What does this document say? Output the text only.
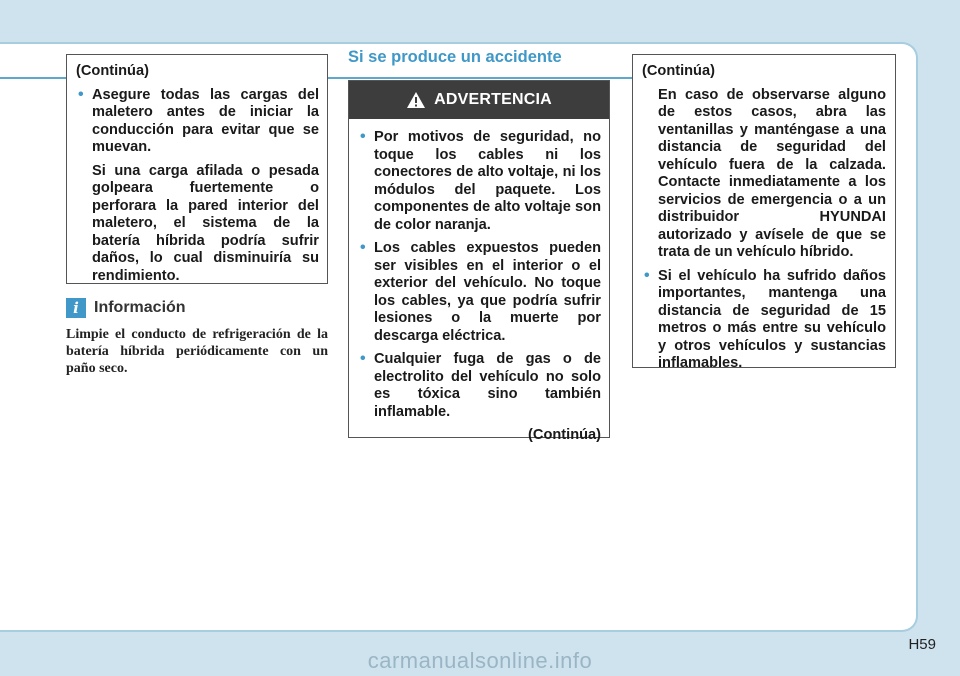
(Continúa)
• Asegure todas las cargas del maletero antes de iniciar la conducción para evitar que se muevan.
Si una carga afilada o pesada golpeara fuertemente o perforara la pared interior del maletero, el sistema de la batería híbrida podría sufrir daños, lo cual disminuiría su rendimiento.
i Información
Limpie el conducto de refrigeración de la batería híbrida periódicamente con un paño seco.
Si se produce un accidente
ADVERTENCIA
• Por motivos de seguridad, no toque los cables ni los conectores de alto voltaje, ni los módulos del paquete. Los componentes de alto voltaje son de color naranja.
• Los cables expuestos pueden ser visibles en el interior o el exterior del vehículo. No toque los cables, ya que podría sufrir lesiones o la muerte por descarga eléctrica.
• Cualquier fuga de gas o de electrolito del vehículo no solo es tóxica sino también inflamable.
(Continúa)
(Continúa)
En caso de observarse alguno de estos casos, abra las ventanillas y manténgase a una distancia de seguridad del vehículo fuera de la calzada. Contacte inmediatamente a los servicios de emergencia o a un distribuidor HYUNDAI autorizado y avísele de que se trata de un vehículo híbrido.
• Si el vehículo ha sufrido daños importantes, mantenga una distancia de seguridad de 15 metros o más entre su vehículo y otros vehículos y sustancias inflamables.
H59
carmanualsonline.info
